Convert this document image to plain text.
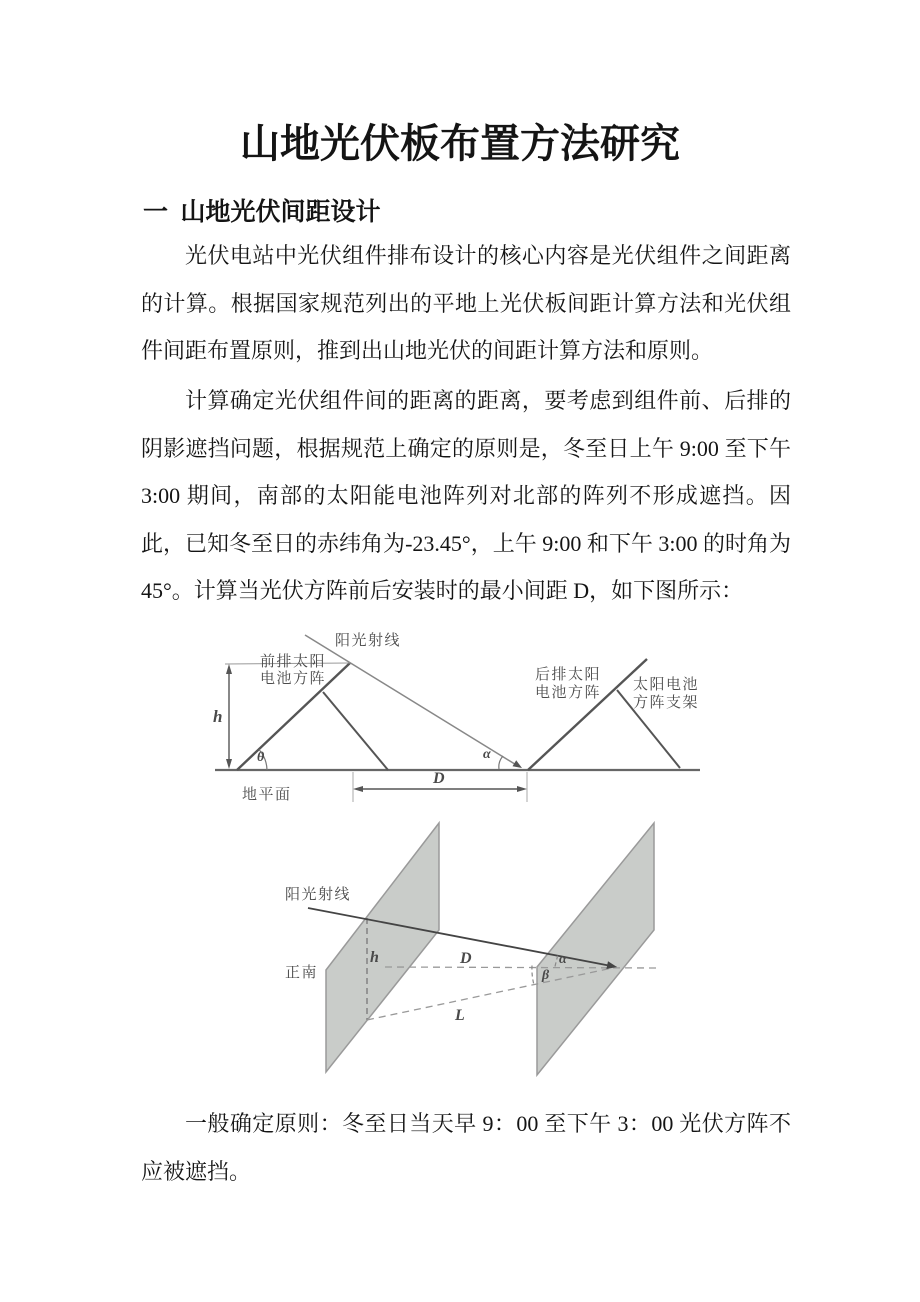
山地光伏板布置方法研究
一  山地光伏间距设计
光伏电站中光伏组件排布设计的核心内容是光伏组件之间距离的计算。根据国家规范列出的平地上光伏板间距计算方法和光伏组件间距布置原则，推到出山地光伏的间距计算方法和原则。
计算确定光伏组件间的距离的距离，要考虑到组件前、后排的阴影遮挡问题，根据规范上确定的原则是，冬至日上午 9:00 至下午 3:00 期间，南部的太阳能电池阵列对北部的阵列不形成遮挡。因此，已知冬至日的赤纬角为-23.45°，上午 9:00 和下午 3:00 的时角为 45°。计算当光伏方阵前后安装时的最小间距 D，如下图所示：
h
θ	α
D
阳光射线
前排太阳
电池方阵	后排太阳
电池方阵 太阳电池
方阵支架
地平面
h	D
L
α
β
阳光射线
正南
一般确定原则：冬至日当天早 9：00 至下午 3：00 光伏方阵不应被遮挡。
